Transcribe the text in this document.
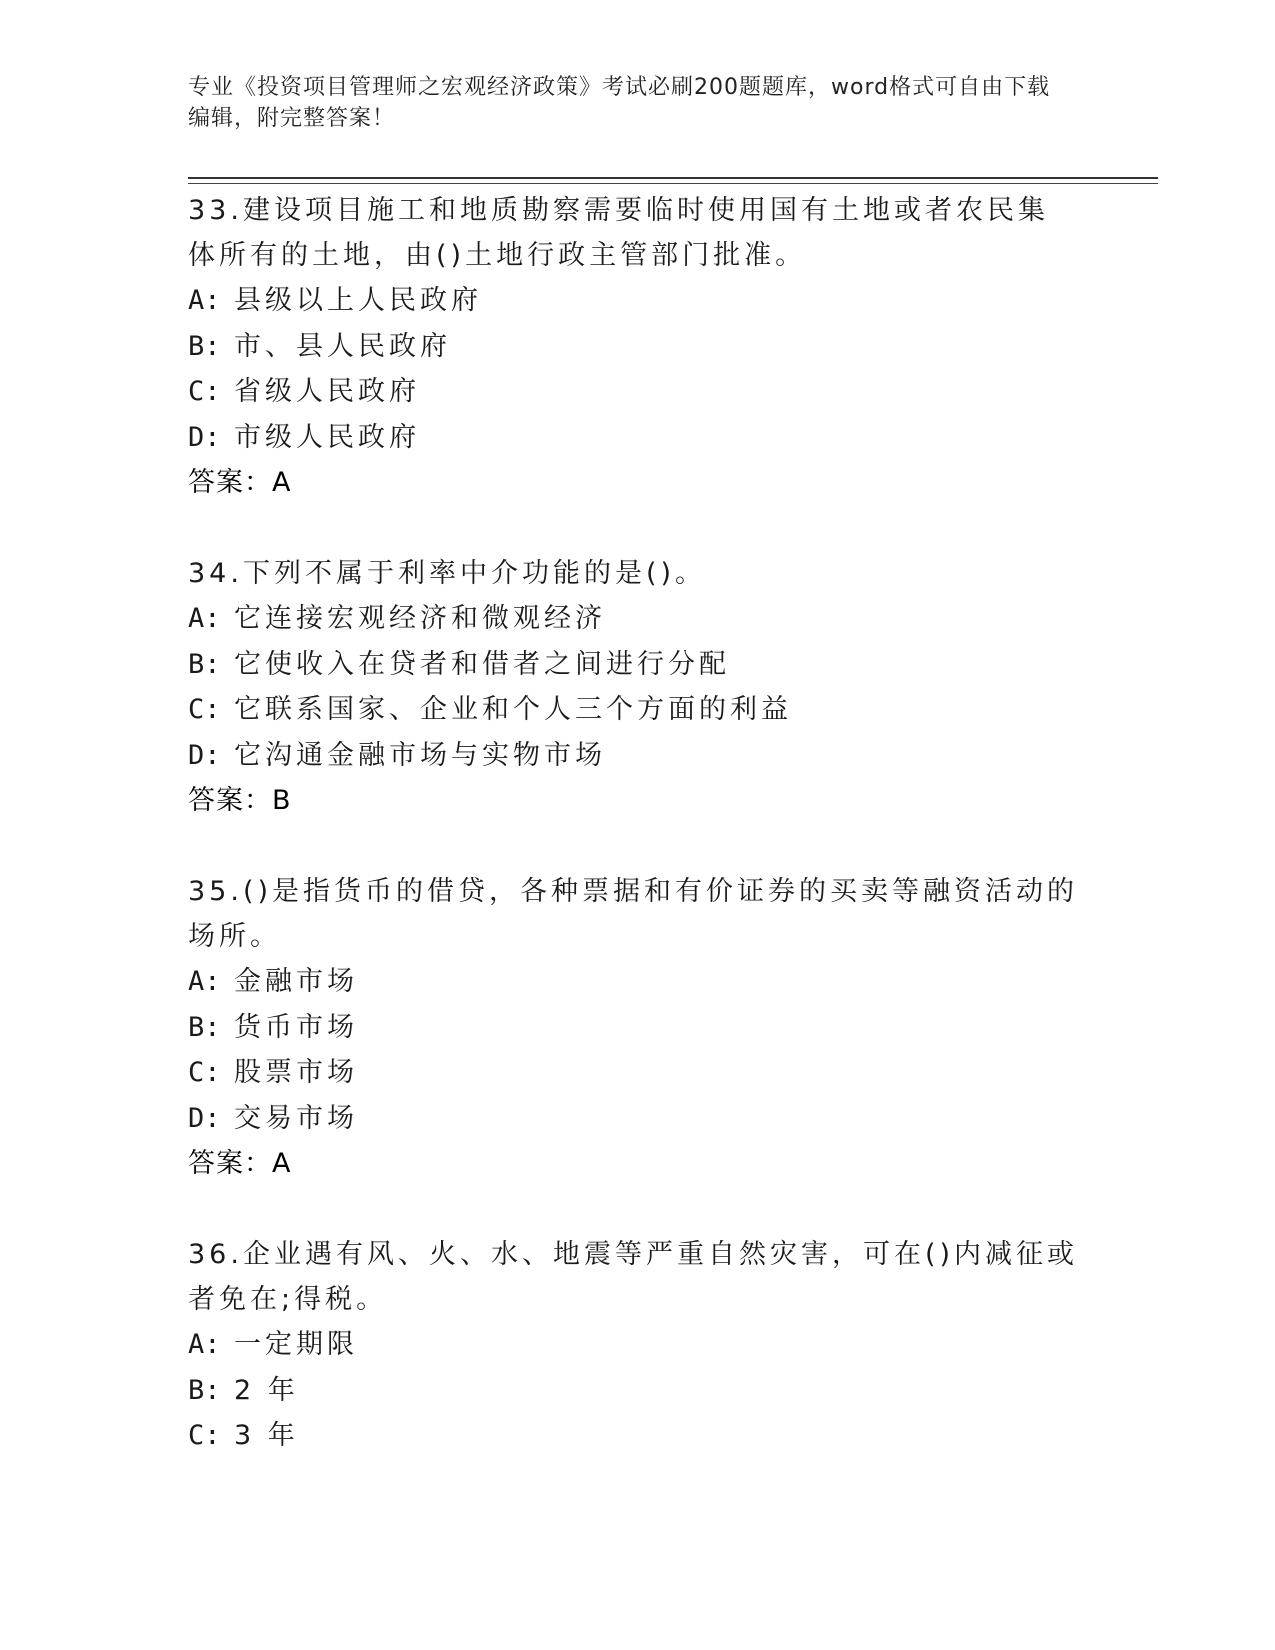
专业《投资项目管理师之宏观经济政策》考试必刷200题题库，word格式可自由下载编辑，附完整答案！

33.建设项目施工和地质勘察需要临时使用国有土地或者农民集体所有的土地，由()土地行政主管部门批准。

A: 县级以上人民政府

B: 市、县人民政府

C: 省级人民政府

D: 市级人民政府

答案：A

34.下列不属于利率中介功能的是()。

A: 它连接宏观经济和微观经济

B: 它使收入在贷者和借者之间进行分配

C: 它联系国家、企业和个人三个方面的利益

D: 它沟通金融市场与实物市场

答案：B

35.()是指货币的借贷，各种票据和有价证券的买卖等融资活动的场所。

A: 金融市场

B: 货币市场

C: 股票市场

D: 交易市场

答案：A

36.企业遇有风、火、水、地震等严重自然灾害，可在()内减征或者免在;得税。

A: 一定期限

B: 2 年

C: 3 年
